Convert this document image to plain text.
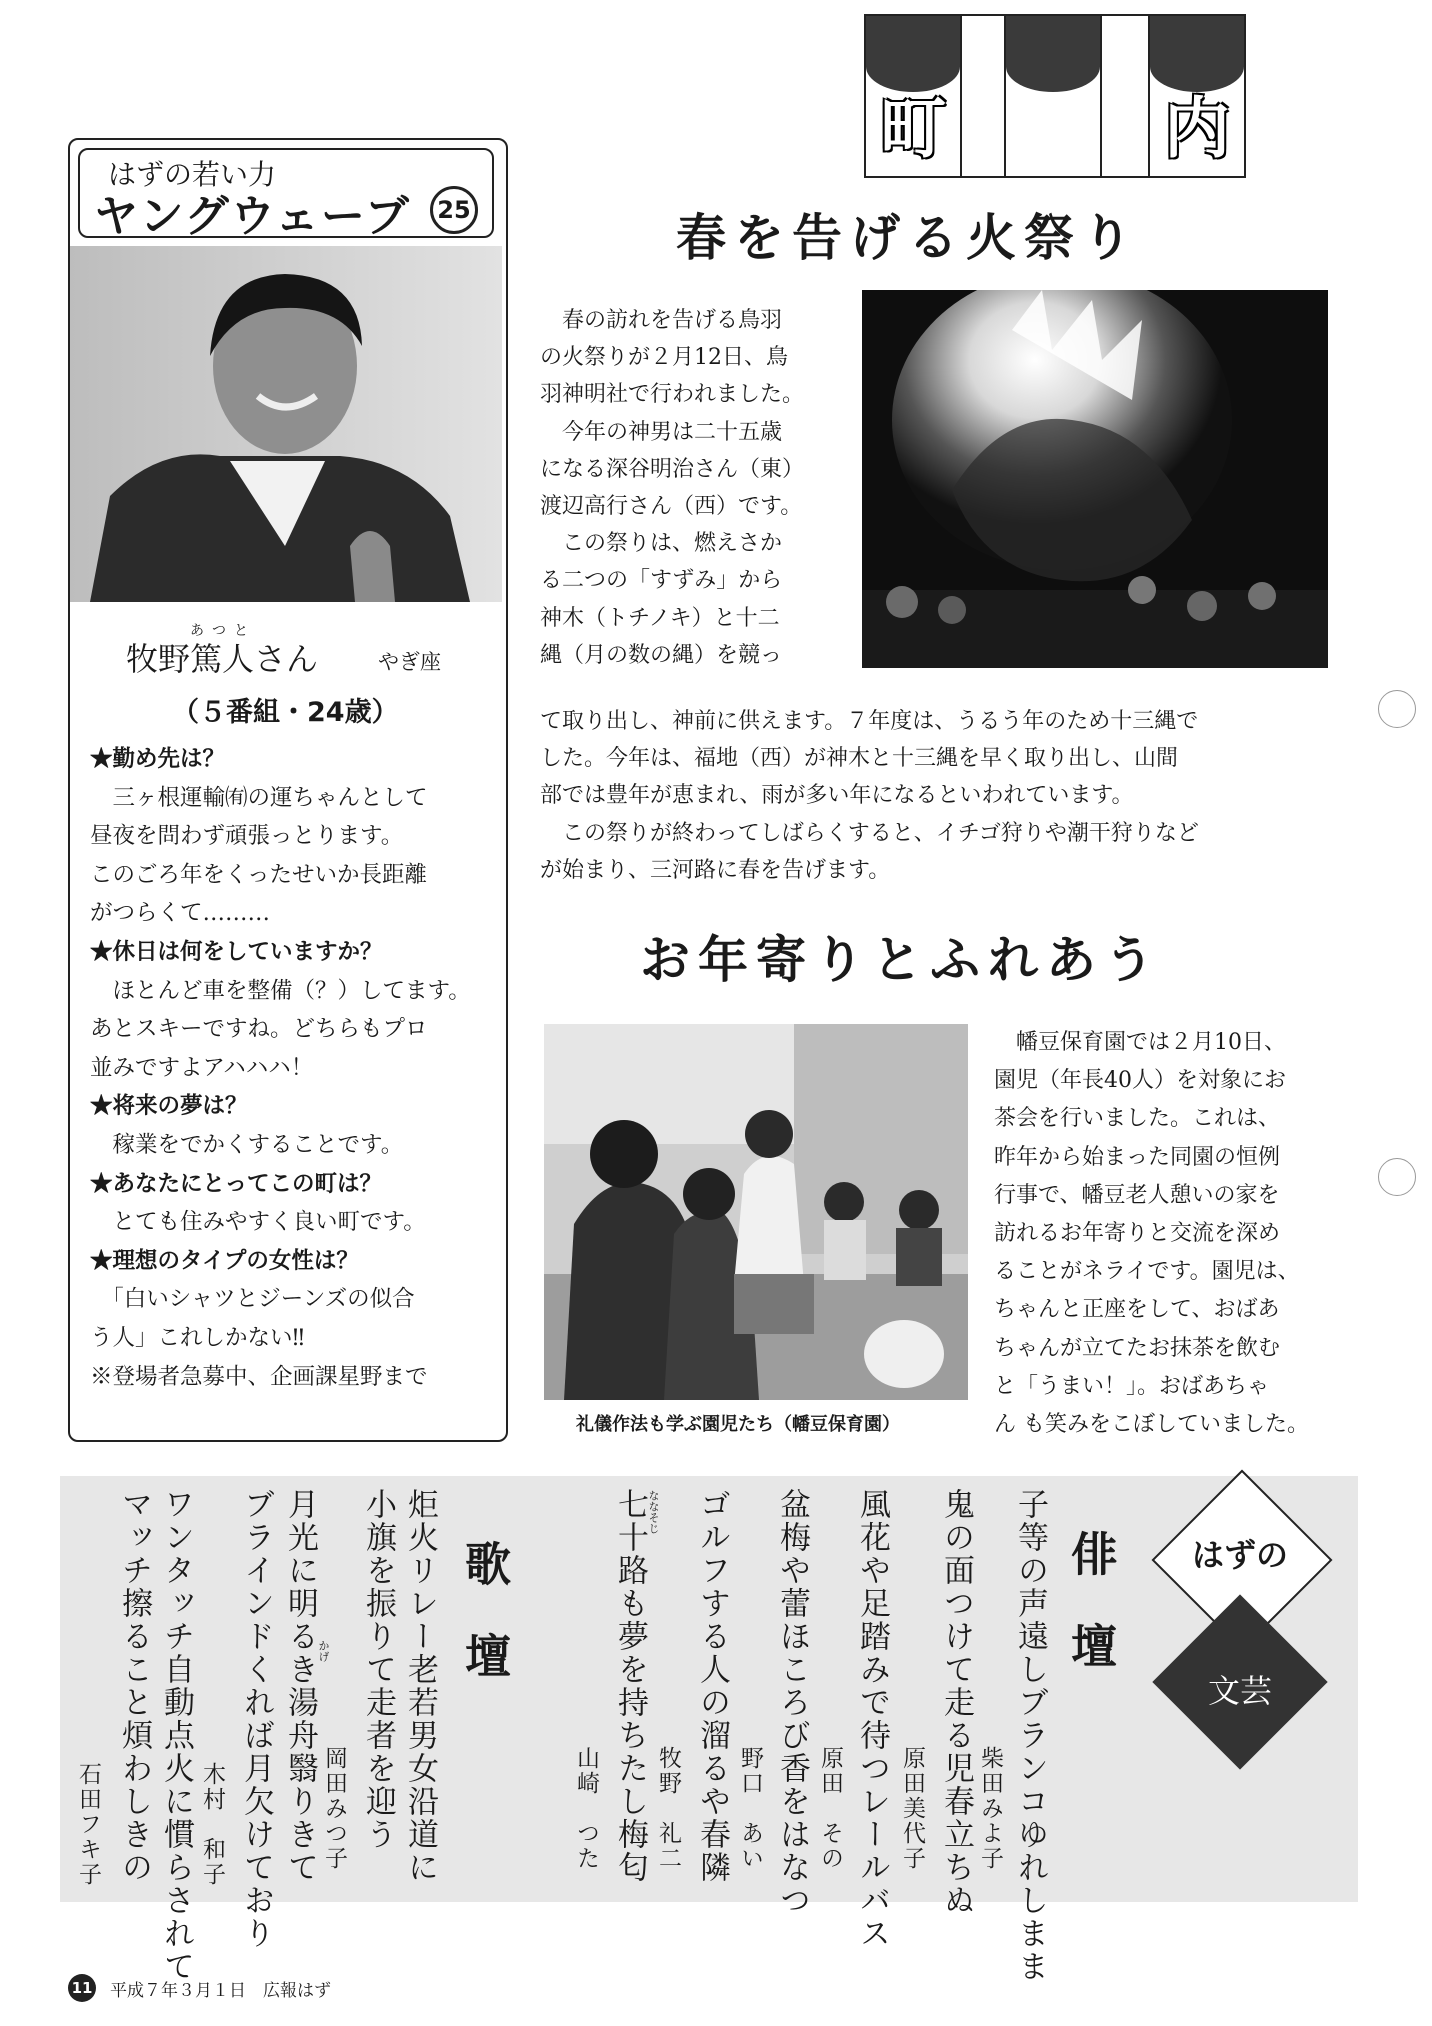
町	内
はずの若い力
ヤングウェーブ	25
あつと
牧野篤人さん	やぎ座
（５番組・24歳）
★勤め先は？
　三ヶ根運輸㈲の運ちゃんとして
昼夜を問わず頑張っとります。
このごろ年をくったせいか長距離
がつらくて………
★休日は何をしていますか？
　ほとんど車を整備（？）してます。
あとスキーですね。どちらもプロ
並みですよアハハハ！
★将来の夢は？
　稼業をでかくすることです。
★あなたにとってこの町は？
　とても住みやすく良い町です。
★理想のタイプの女性は？
　「白いシャツとジーンズの似合
う人」これしかない‼
※登場者急募中、企画課星野まで
春を告げる火祭り
　春の訪れを告げる鳥羽
の火祭りが２月12日、鳥
羽神明社で行われました。
　今年の神男は二十五歳
になる深谷明治さん（東）
渡辺高行さん（西）です。
　この祭りは、燃えさか
る二つの「すずみ」から
神木（トチノキ）と十二
縄（月の数の縄）を競っ
て取り出し、神前に供えます。７年度は、うるう年のため十三縄で
した。今年は、福地（西）が神木と十三縄を早く取り出し、山間
部では豊年が恵まれ、雨が多い年になるといわれています。
　この祭りが終わってしばらくすると、イチゴ狩りや潮干狩りなど
が始まり、三河路に春を告げます。
お年寄りとふれあう
礼儀作法も学ぶ園児たち（幡豆保育園）
　幡豆保育園では２月10日、
園児（年長40人）を対象にお
茶会を行いました。これは、
昨年から始まった同園の恒例
行事で、幡豆老人憩いの家を
訪れるお年寄りと交流を深め
ることがネライです。園児は、
ちゃんと正座をして、おばあ
ちゃんが立てたお抹茶を飲む
と「うまい！」。おばあちゃ
ん も笑みをこぼしていました。
はずの
文芸
俳　壇
子等の声遠しブランコゆれしまま
柴田みよ子
鬼の面つけて走る児春立ちぬ
原田美代子
風花や足踏みで待つレールバス
原田　その
盆梅や蕾ほころび香をはなつ
野口　あい
ゴルフする人の溜るや春隣
牧野　礼二
ななそじ
七十路も夢を持ちたし梅匂
山崎　つた
歌　壇
炬火リレー老若男女沿道に
小旗を振りて走者を迎う
岡田みつ子
かげ
月光に明るき湯舟翳りきて
ブラインドくれば月欠けており
木村　和子
ワンタッチ自動点火に慣らされて
マッチ擦ること煩わしきの
石田フキ子
11 平成７年３月１日　広報はず
